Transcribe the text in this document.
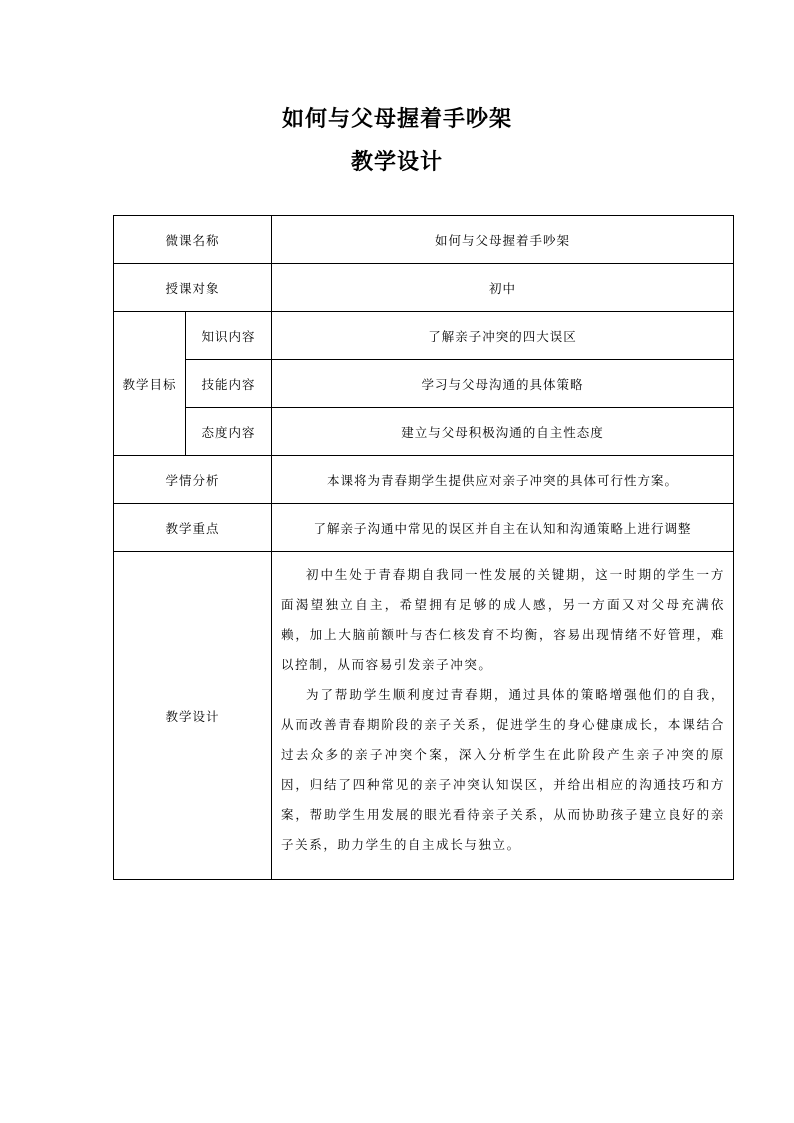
如何与父母握着手吵架
教学设计
微课名称		如何与父母握着手吵架
授课对象		初中
教学目标	知识内容	了解亲子冲突的四大误区
	技能内容	学习与父母沟通的具体策略
	态度内容	建立与父母积极沟通的自主性态度
学情分析		本课将为青春期学生提供应对亲子冲突的具体可行性方案。
教学重点		了解亲子沟通中常见的误区并自主在认知和沟通策略上进行调整
教学设计		初中生处于青春期自我同一性发展的关键期，这一时期的学生一方面渴望独立自主，希望拥有足够的成人感，另一方面又对父母充满依赖，加上大脑前额叶与杏仁核发育不均衡，容易出现情绪不好管理，难以控制，从而容易引发亲子冲突。

为了帮助学生顺利度过青春期，通过具体的策略增强他们的自我，从而改善青春期阶段的亲子关系，促进学生的身心健康成长，本课结合过去众多的亲子冲突个案，深入分析学生在此阶段产生亲子冲突的原因，归结了四种常见的亲子冲突认知误区，并给出相应的沟通技巧和方案，帮助学生用发展的眼光看待亲子关系，从而协助孩子建立良好的亲子关系，助力学生的自主成长与独立。
